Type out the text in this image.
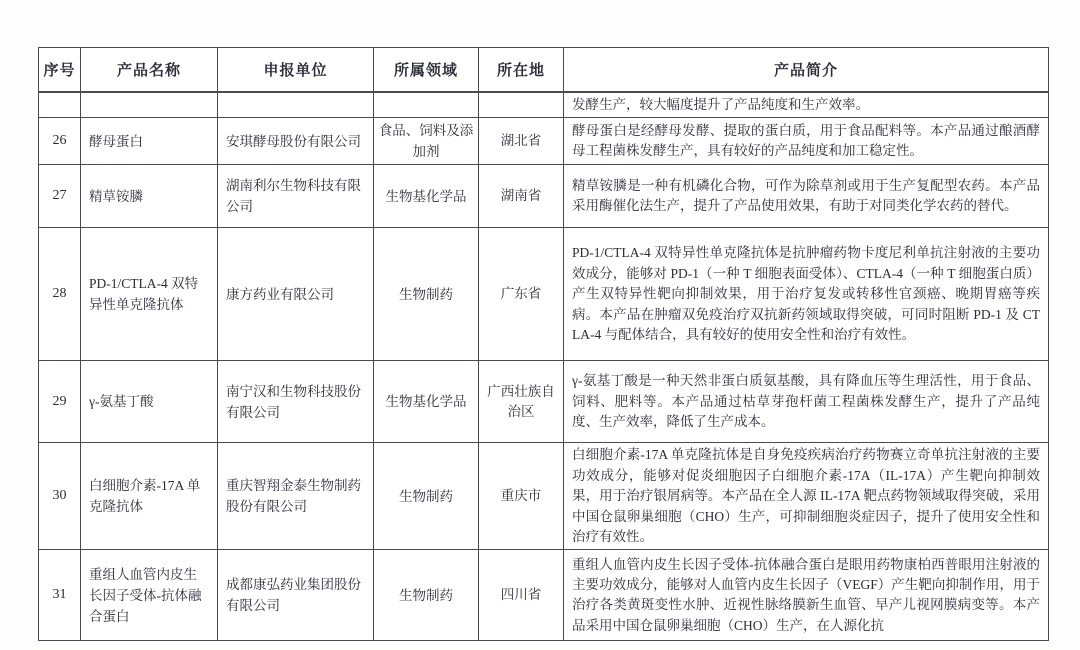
序号	产品名称	申报单位	所属领域	所在地	产品简介
					发酵生产，较大幅度提升了产品纯度和生产效率。
26	酵母蛋白	安琪酵母股份有限公司	食品、饲料及添加剂	湖北省	酵母蛋白是经酵母发酵、提取的蛋白质，用于食品配料等。本产品通过酿酒酵母工程菌株发酵生产，具有较好的产品纯度和加工稳定性。
27	精草铵膦	湖南利尔生物科技有限公司	生物基化学品	湖南省	精草铵膦是一种有机磷化合物，可作为除草剂或用于生产复配型农药。本产品采用酶催化法生产，提升了产品使用效果，有助于对同类化学农药的替代。
28	PD-1/CTLA-4 双特异性单克隆抗体	康方药业有限公司	生物制药	广东省	PD-1/CTLA-4 双特异性单克隆抗体是抗肿瘤药物卡度尼利单抗注射液的主要功效成分，能够对 PD-1（一种 T 细胞表面受体）、CTLA-4（一种 T 细胞蛋白质）产生双特异性靶向抑制效果，用于治疗复发或转移性官颈癌、晚期胃癌等疾病。本产品在肿瘤双免疫治疗双抗新药领域取得突破，可同时阻断 PD-1 及 CTLA-4 与配体结合，具有较好的使用安全性和治疗有效性。
29	γ-氨基丁酸	南宁汉和生物科技股份有限公司	生物基化学品	广西壮族自治区	γ-氨基丁酸是一种天然非蛋白质氨基酸，具有降血压等生理活性，用于食品、饲料、肥料等。本产品通过枯草芽孢杆菌工程菌株发酵生产，提升了产品纯度、生产效率，降低了生产成本。
30	白细胞介素-17A 单克隆抗体	重庆智翔金泰生物制药股份有限公司	生物制药	重庆市	白细胞介素-17A 单克隆抗体是自身免疫疾病治疗药物赛立奇单抗注射液的主要功效成分，能够对促炎细胞因子白细胞介素-17A（IL-17A）产生靶向抑制效果，用于治疗银屑病等。本产品在全人源 IL-17A 靶点药物领域取得突破，采用中国仓鼠卵巢细胞（CHO）生产，可抑制细胞炎症因子，提升了使用安全性和治疗有效性。
31	重组人血管内皮生长因子受体-抗体融合蛋白	成都康弘药业集团股份有限公司	生物制药	四川省	重组人血管内皮生长因子受体-抗体融合蛋白是眼用药物康柏西普眼用注射液的主要功效成分，能够对人血管内皮生长因子（VEGF）产生靶向抑制作用，用于治疗各类黄斑变性水肿、近视性脉络膜新生血管、早产儿视网膜病变等。本产品采用中国仓鼠卵巢细胞（CHO）生产，在人源化抗
